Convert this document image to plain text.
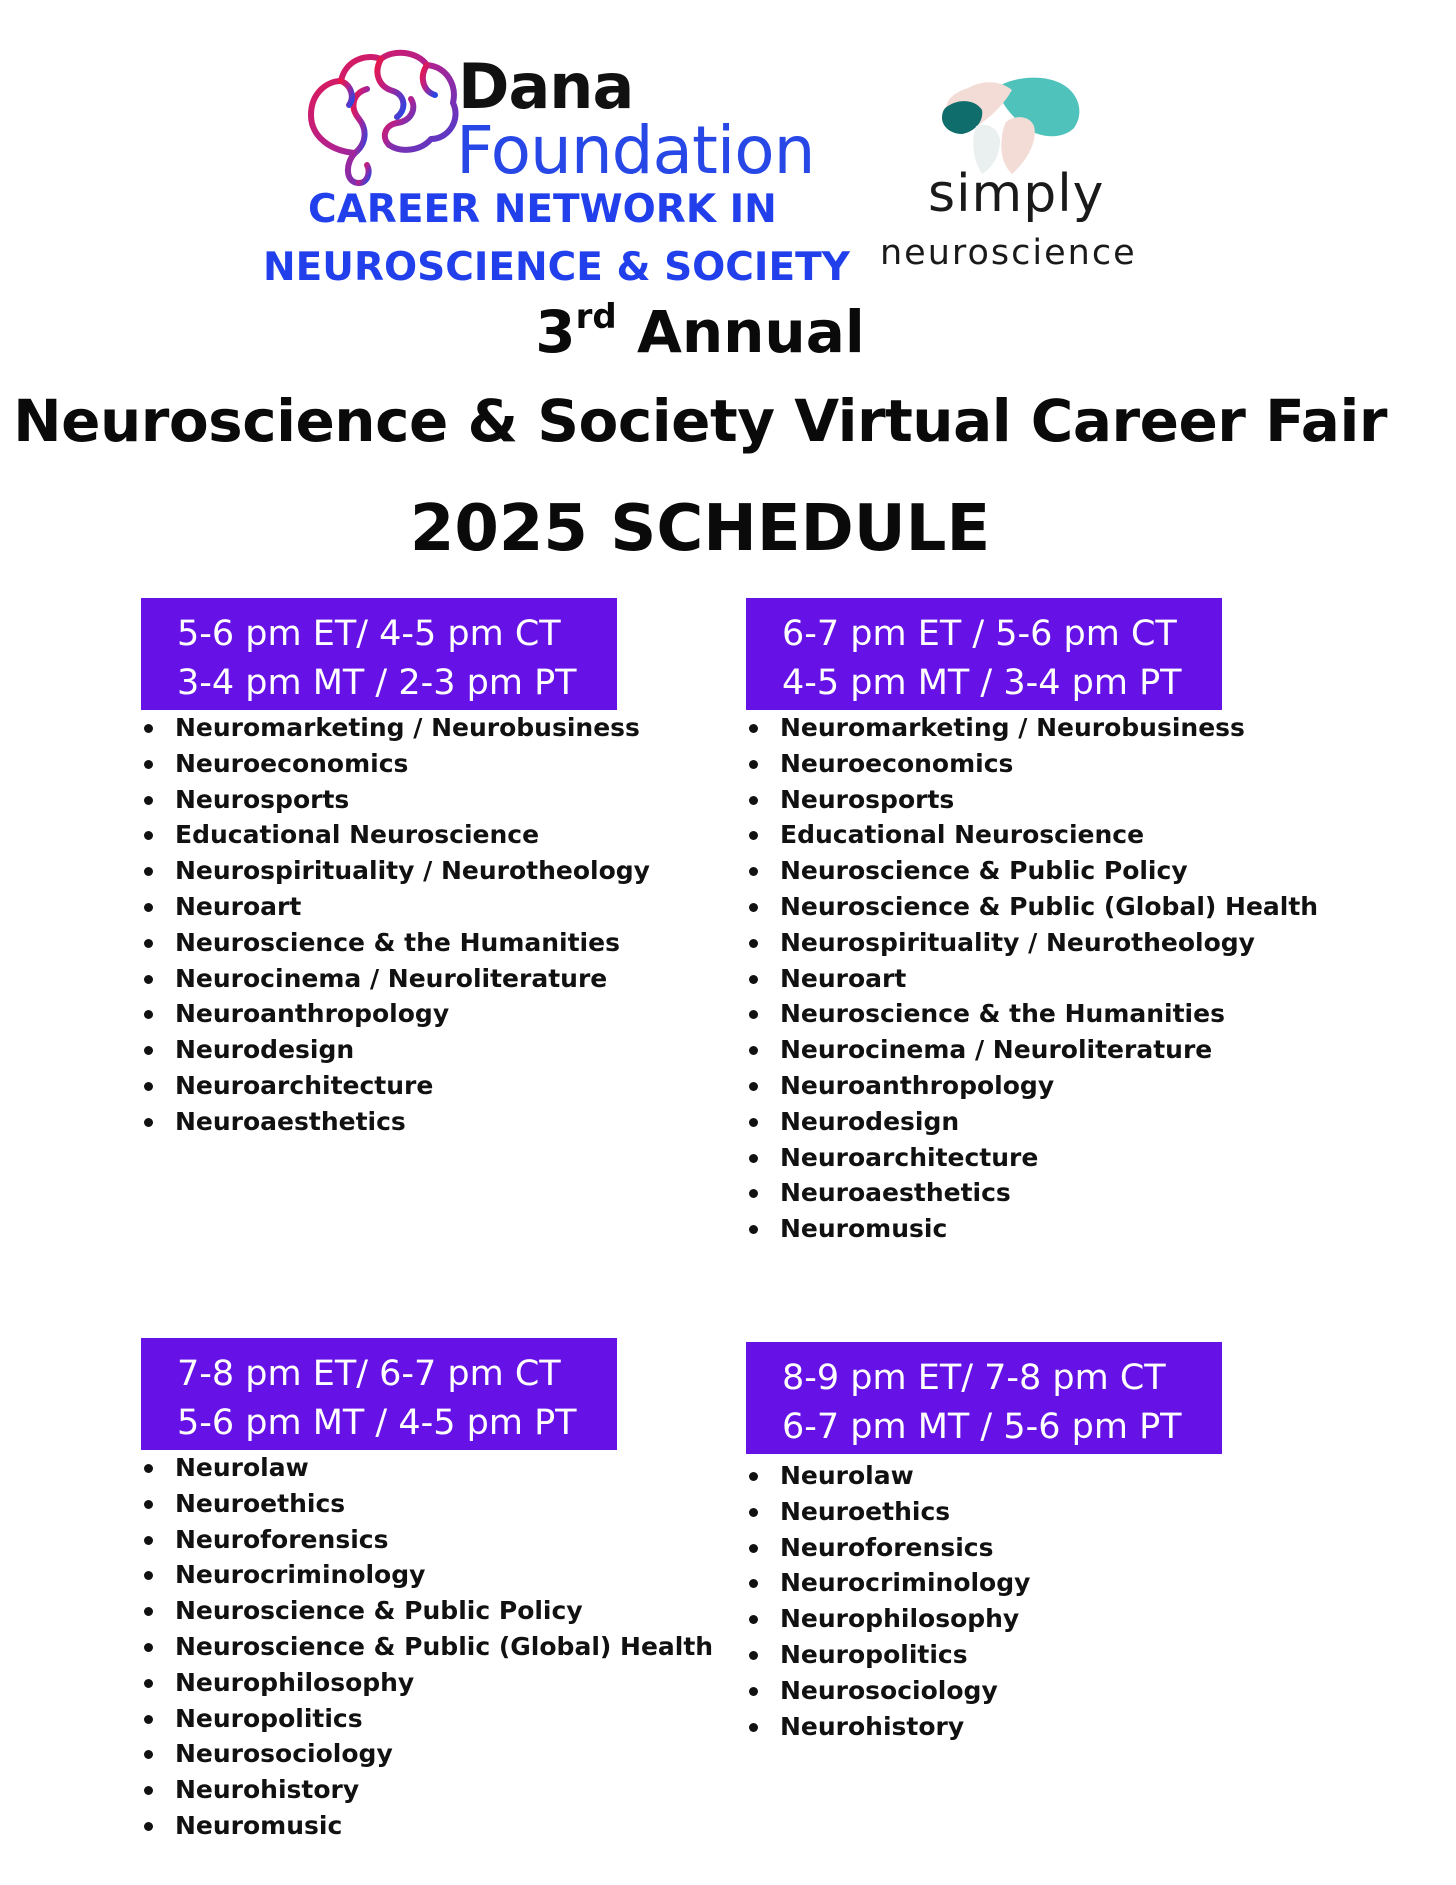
Dana
Foundation
CAREER NETWORK IN
NEUROSCIENCE & SOCIETY
simply
neuroscience
3rd Annual
Neuroscience & Society Virtual Career Fair
2025 SCHEDULE
5-6 pm ET/ 4-5 pm CT
3-4 pm MT / 2-3 pm PT
Neuromarketing / Neurobusiness
Neuroeconomics
Neurosports
Educational Neuroscience
Neurospirituality / Neurotheology
Neuroart
Neuroscience & the Humanities
Neurocinema / Neuroliterature
Neuroanthropology
Neurodesign
Neuroarchitecture
Neuroaesthetics
6-7 pm ET / 5-6 pm CT
4-5 pm MT / 3-4 pm PT
Neuromarketing / Neurobusiness
Neuroeconomics
Neurosports
Educational Neuroscience
Neuroscience & Public Policy
Neuroscience & Public (Global) Health
Neurospirituality / Neurotheology
Neuroart
Neuroscience & the Humanities
Neurocinema / Neuroliterature
Neuroanthropology
Neurodesign
Neuroarchitecture
Neuroaesthetics
Neuromusic
7-8 pm ET/ 6-7 pm CT
5-6 pm MT / 4-5 pm PT
Neurolaw
Neuroethics
Neuroforensics
Neurocriminology
Neuroscience & Public Policy
Neuroscience & Public (Global) Health
Neurophilosophy
Neuropolitics
Neurosociology
Neurohistory
Neuromusic
8-9 pm ET/ 7-8 pm CT
6-7 pm MT / 5-6 pm PT
Neurolaw
Neuroethics
Neuroforensics
Neurocriminology
Neurophilosophy
Neuropolitics
Neurosociology
Neurohistory
